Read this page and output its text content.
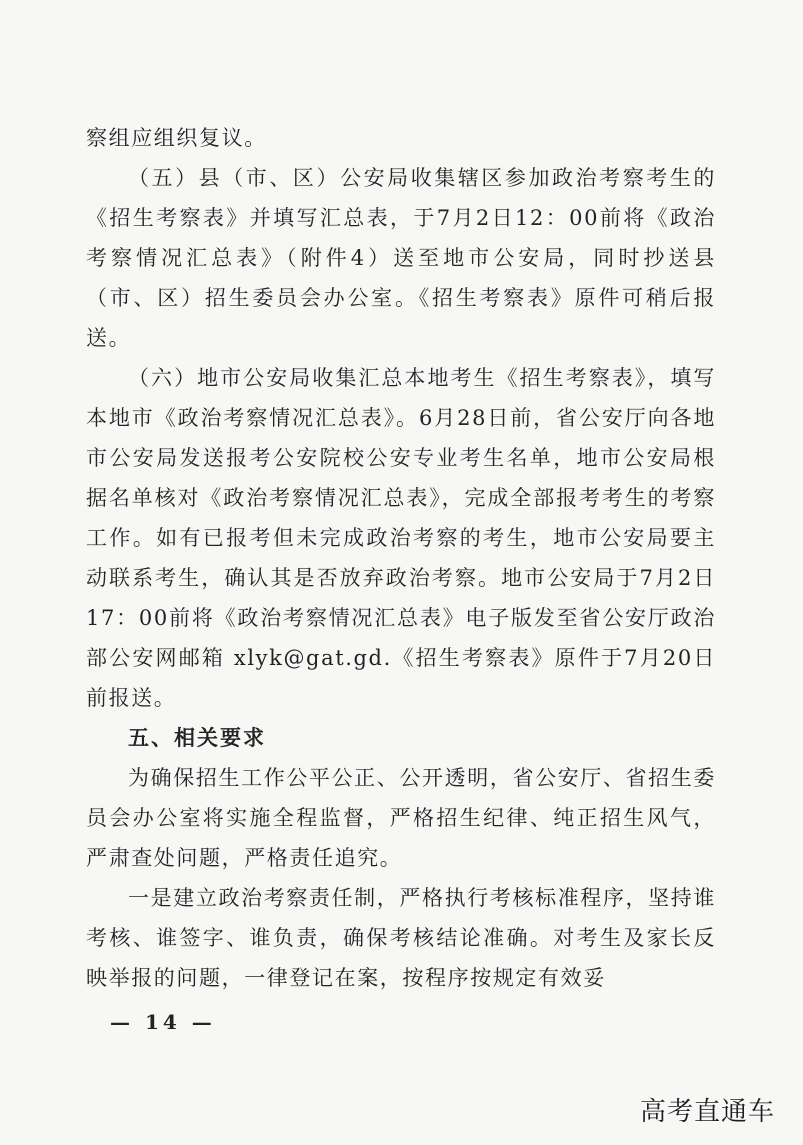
察组应组织复议。

（五）县（市、区）公安局收集辖区参加政治考察考生的《招生考察表》并填写汇总表，于7月2日12：00前将《政治考察情况汇总表》（附件4）送至地市公安局，同时抄送县（市、区）招生委员会办公室。《招生考察表》原件可稍后报送。

（六）地市公安局收集汇总本地考生《招生考察表》，填写本地市《政治考察情况汇总表》。6月28日前，省公安厅向各地市公安局发送报考公安院校公安专业考生名单，地市公安局根据名单核对《政治考察情况汇总表》，完成全部报考考生的考察工作。如有已报考但未完成政治考察的考生，地市公安局要主动联系考生，确认其是否放弃政治考察。地市公安局于7月2日17：00前将《政治考察情况汇总表》电子版发至省公安厅政治部公安网邮箱 xlyk@gat.gd.《招生考察表》原件于7月20日前报送。

五、相关要求

为确保招生工作公平公正、公开透明，省公安厅、省招生委员会办公室将实施全程监督，严格招生纪律、纯正招生风气，严肃查处问题，严格责任追究。

一是建立政治考察责任制，严格执行考核标准程序，坚持谁考核、谁签字、谁负责，确保考核结论准确。对考生及家长反映举报的问题，一律登记在案，按程序按规定有效妥

— 14 —
高考直通车
